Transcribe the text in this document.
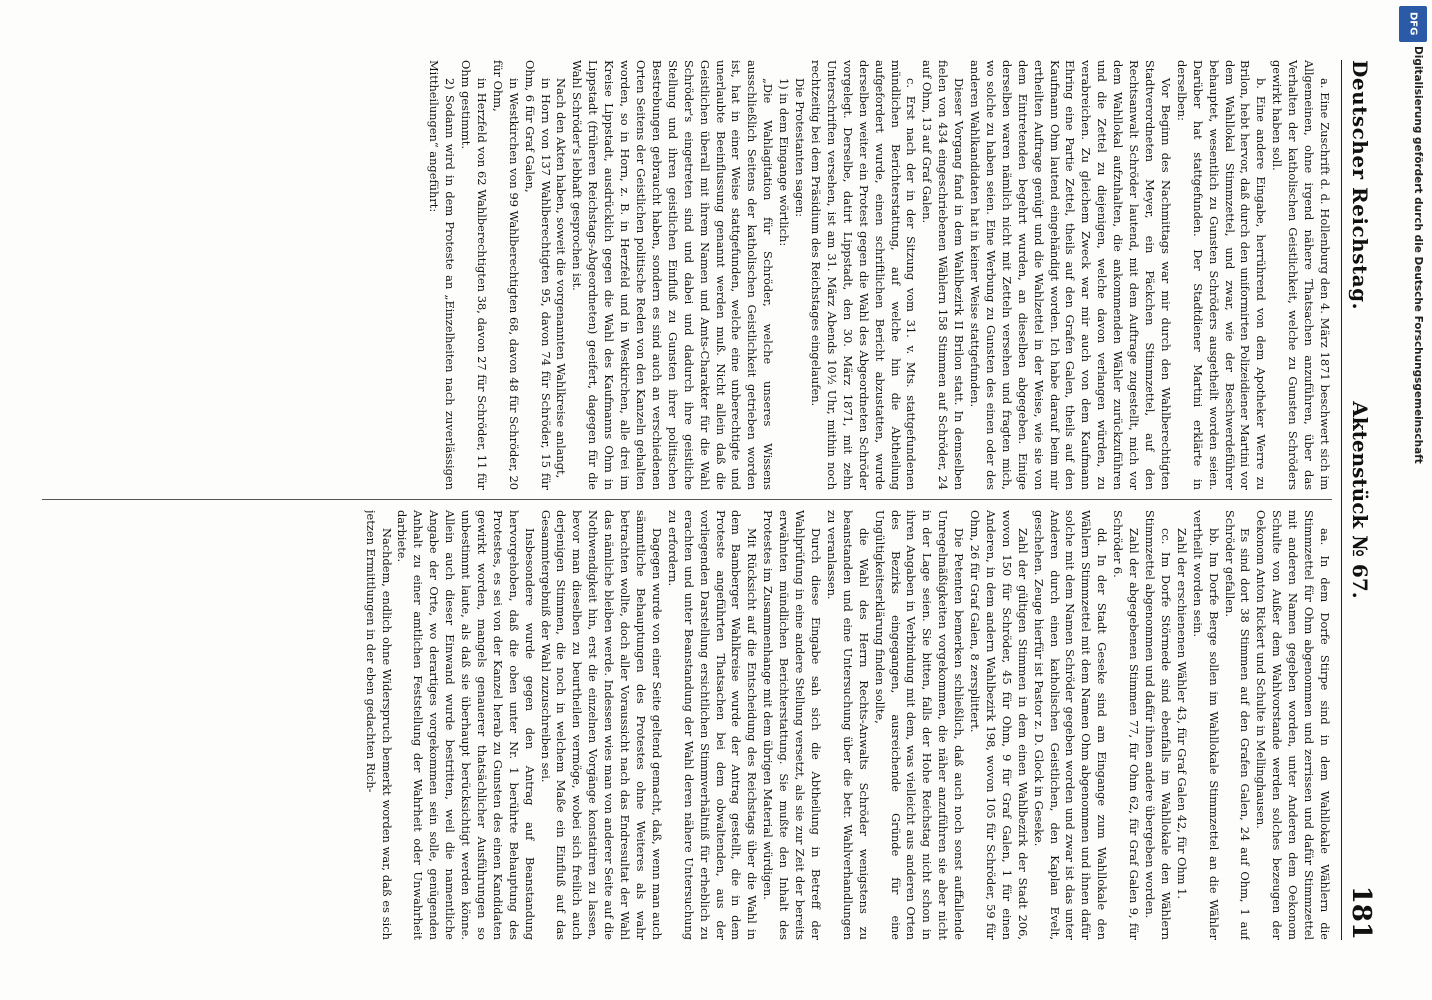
Deutscher Reichstag.
Aktenstück № 67.
181

a. Eine Zuschrift d. d. Hollenburg den 4. März 1871 beschwert sich im Allgemeinen, ohne irgend nähere Thatsachen anzuführen, über das Verhalten der katholischen Geistlichkeit, welche zu Gunsten Schröders gewirkt haben soll.

b. Eine andere Eingabe, herrührend von dem Apotheker Werre zu Brilon, hebt hervor, daß durch den uniformirten Polizeidiener Martini vor dem Wahllokal Stimmzettel, und zwar, wie der Beschwerdeführer behauptet, wesentlich zu Gunsten Schröders ausgetheilt worden seien. Darüber hat stattgefunden. Der Stadtdiener Martini erklärte in derselben:

Vor Beginn des Nachmittags war mir durch den Wahlberechtigten Stadtverordneten Meyer, ein Päckchen Stimmzettel, auf den Rechtsanwalt Schröder lautend, mit dem Auftrage zugestellt, mich vor dem Wahllokal aufzuhalten, die ankommenden Wähler zurückzuführen und die Zettel zu diejenigen, welche davon verlangen würden, zu verabreichen. Zu gleichem Zweck war mir auch von dem Kaufmann Ehring eine Partie Zettel, theils auf den Grafen Galen, theils auf den Kaufmann Ohm lautend eingehändigt worden. Ich habe darauf beim mir ertheilten Auftrage genügt und die Wahlzettel in der Weise, wie sie von dem Eintretenden begehrt wurden, an dieselben abgegeben. Einige derselben waren nämlich nicht mit Zetteln versehen und fragten mich, wo solche zu haben seien. Eine Werbung zu Gunsten des einen oder des anderen Wahlkandidaten hat in keiner Weise stattgefunden.

Dieser Vorgang fand in dem Wahlbezirk II Brilon statt. In demselben fielen von 434 eingeschriebenen Wählern 158 Stimmen auf Schröder, 24 auf Ohm, 13 auf Graf Galen.

c. Erst nach der in der Sitzung vom 31. v. Mts. stattgefundenen mündlichen Berichterstattung, auf welche hin die Abtheilung aufgefordert wurde, einen schriftlichen Bericht abzustatten, wurde derselben weiter ein Protest gegen die Wahl des Abgeordneten Schröder vorgelegt. Derselbe, datirt Lippstadt, den 30. März 1871, mit zehn Unterschriften versehen, ist am 31. März Abends 10½ Uhr, mithin noch rechtzeitig bei dem Präsidium des Reichstages eingelaufen.

Die Protestanten sagen:

1) in dem Eingange wörtlich:

„Die Wahlagitation für Schröder, welche unseres Wissens ausschließlich Seitens der katholischen Geistlichkeit getrieben worden ist, hat in einer Weise stattgefunden, welche eine unberechtigte und unerlaubte Beeinflussung genannt werden muß. Nicht allein daß die Geistlichen überall mit ihrem Namen und Amts-Charakter für die Wahl Schröder's eingetreten sind und dabei und dadurch ihre geistliche Stellung und ihren geistlichen Einfluß zu Gunsten ihrer politischen Bestrebungen gebraucht haben, sondern es sind auch an verschiedenen Orten Seitens der Geistlichen politische Reden von den Kanzeln gehalten worden, so in Horn, z. B. in Herzfeld und in Westkirchen, alle drei im Kreise Lippstadt, ausdrücklich gegen die Wahl des Kaufmanns Ohm in Lippstadt (früheren Reichstags-Abgeordneten) geeifert, dagegen für die Wahl Schröder's lebhaft gesprochen ist.

Nach den Akten haben, soweit die vorgenannten Wahlkreise anlangt,

in Horn von 137 Wahlberechtigten 95, davon 74 für Schröder, 15 für Ohm, 6 für Graf Galen,

in Westkirchen von 99 Wahlberechtigten 68, davon 48 für Schröder, 20 für Ohm,

in Herzfeld von 62 Wahlberechtigten 38, davon 27 für Schröder, 11 für Ohm gestimmt.

2) Sodann wird in dem Proteste an „Einzelheiten nach zuverlässigen Mittheilungen“ angeführt:

aa. In dem Dorfe Stirpe sind in dem Wahllokale Wählern die Stimmzettel für Ohm abgenommen und zerrissen und dafür Stimmzettel mit anderen Namen gegeben worden, unter Anderen dem Oekonom Schulte von Außer dem Wahlvorstande werden solches bezeugen der Oekonom Anton Rickert und Schulte in Mellinghausen.

Es sind dort 38 Stimmen auf den Grafen Galen, 24 auf Ohm, 1 auf Schröder gefallen.

bb. Im Dorfe Berge sollen im Wahllokale Stimmzettel an die Wähler vertheilt worden sein.

Zahl der erschienenen Wähler 43, für Graf Galen 42, für Ohm 1.

cc. Im Dorfe Störmede sind ebenfalls im Wahllokale den Wählern Stimmzettel abgenommen und dafür ihnen andere übergeben worden.

Zahl der abgegebenen Stimmen 77, für Ohm 62, für Graf Galen 9, für Schröder 6.

dd. In der Stadt Geseke sind am Eingange zum Wahllokale den Wählern Stimmzettel mit dem Namen Ohm abgenommen und ihnen dafür solche mit dem Namen Schröder gegeben worden und zwar ist das unter Anderen durch einen katholischen Geistlichen, den Kaplan Evelt, geschehen. Zeuge hierfür ist Pastor z. D. Glock in Geseke.

Zahl der gültigen Stimmen in dem einen Wahlbezirk der Stadt 206, wovon 150 für Schröder, 45 für Ohm, 9 für Graf Galen, 1 für einen Anderen, in dem andern Wahlbezirk 198, wovon 105 für Schröder, 59 für Ohm, 26 für Graf Galen, 8 zersplittert.

Die Petenten bemerken schließlich, daß auch noch sonst auffallende Unregelmäßigkeiten vorgekommen, die näher anzuführen sie aber nicht in der Lage seien. Sie bitten, falls der Hohe Reichstag nicht schon in ihren Angaben in Verbindung mit dem, was vielleicht aus anderen Orten des Bezirks eingegangen, ausreichende Gründe für eine Ungültigkeitserklärung finden sollte,

die Wahl des Herrn Rechts-Anwalts Schröder wenigstens zu beanstanden und eine Untersuchung über die betr. Wahlverhandlungen zu veranlassen.

Durch diese Eingabe sah sich die Abtheilung in Betreff der Wahlprüfung in eine andere Stellung versetzt, als sie zur Zeit der bereits erwähnten mündlichen Berichterstattung. Sie mußte den Inhalt des Protestes im Zusammenhange mit dem übrigen Material würdigen.

Mit Rücksicht auf die Entscheidung des Reichstags über die Wahl in dem Bamberger Wahlkreise wurde der Antrag gestellt, die in dem Proteste angeführten Thatsachen bei dem obwaltenden, aus der vorliegenden Darstellung ersichtlichen Stimmverhältniß für erheblich zu erachten und unter Beanstandung der Wahl deren nähere Untersuchung zu erfordern.

Dagegen wurde von einer Seite geltend gemacht, daß, wenn man auch sämmtliche Behauptungen des Protestes ohne Weiteres als wahr betrachten wollte, doch aller Voraussicht nach das Endresultat der Wahl das nämliche bleiben werde. Indessen wies man von anderer Seite auf die Nothwendigkeit hin, erst die einzelnen Vorgänge konstatiren zu lassen, bevor man dieselben zu beurtheilen vermöge, wobei sich freilich auch derjenigen Stimmen, die noch in welchem Maße ein Einfluß auf das Gesammtergebniß der Wahl zuzuschreiben sei.

Insbesondere wurde gegen den Antrag auf Beanstandung hervorgehoben, daß die oben unter Nr. 1 berührte Behauptung des Protestes, es sei von der Kanzel herab zu Gunsten des einen Kandidaten gewirkt worden, mangels genauerer thatsächlicher Ausführungen so unbestimmt laute, als daß sie überhaupt berücksichtigt werden könne. Allein auch dieser Einwand wurde bestritten, weil die namentliche Angabe der Orte, wo derartiges vorgekommen sein solle, genügenden Anhalt zu einer amtlichen Feststellung der Wahrheit oder Unwahrheit darbiete.

Nachdem, endlich ohne Widerspruch bemerkt worden war, daß es sich jetzen Ermittlungen in der eben gedachten Rich-

DFG
Digitalisierung gefördert durch die Deutsche Forschungsgemeinschaft
